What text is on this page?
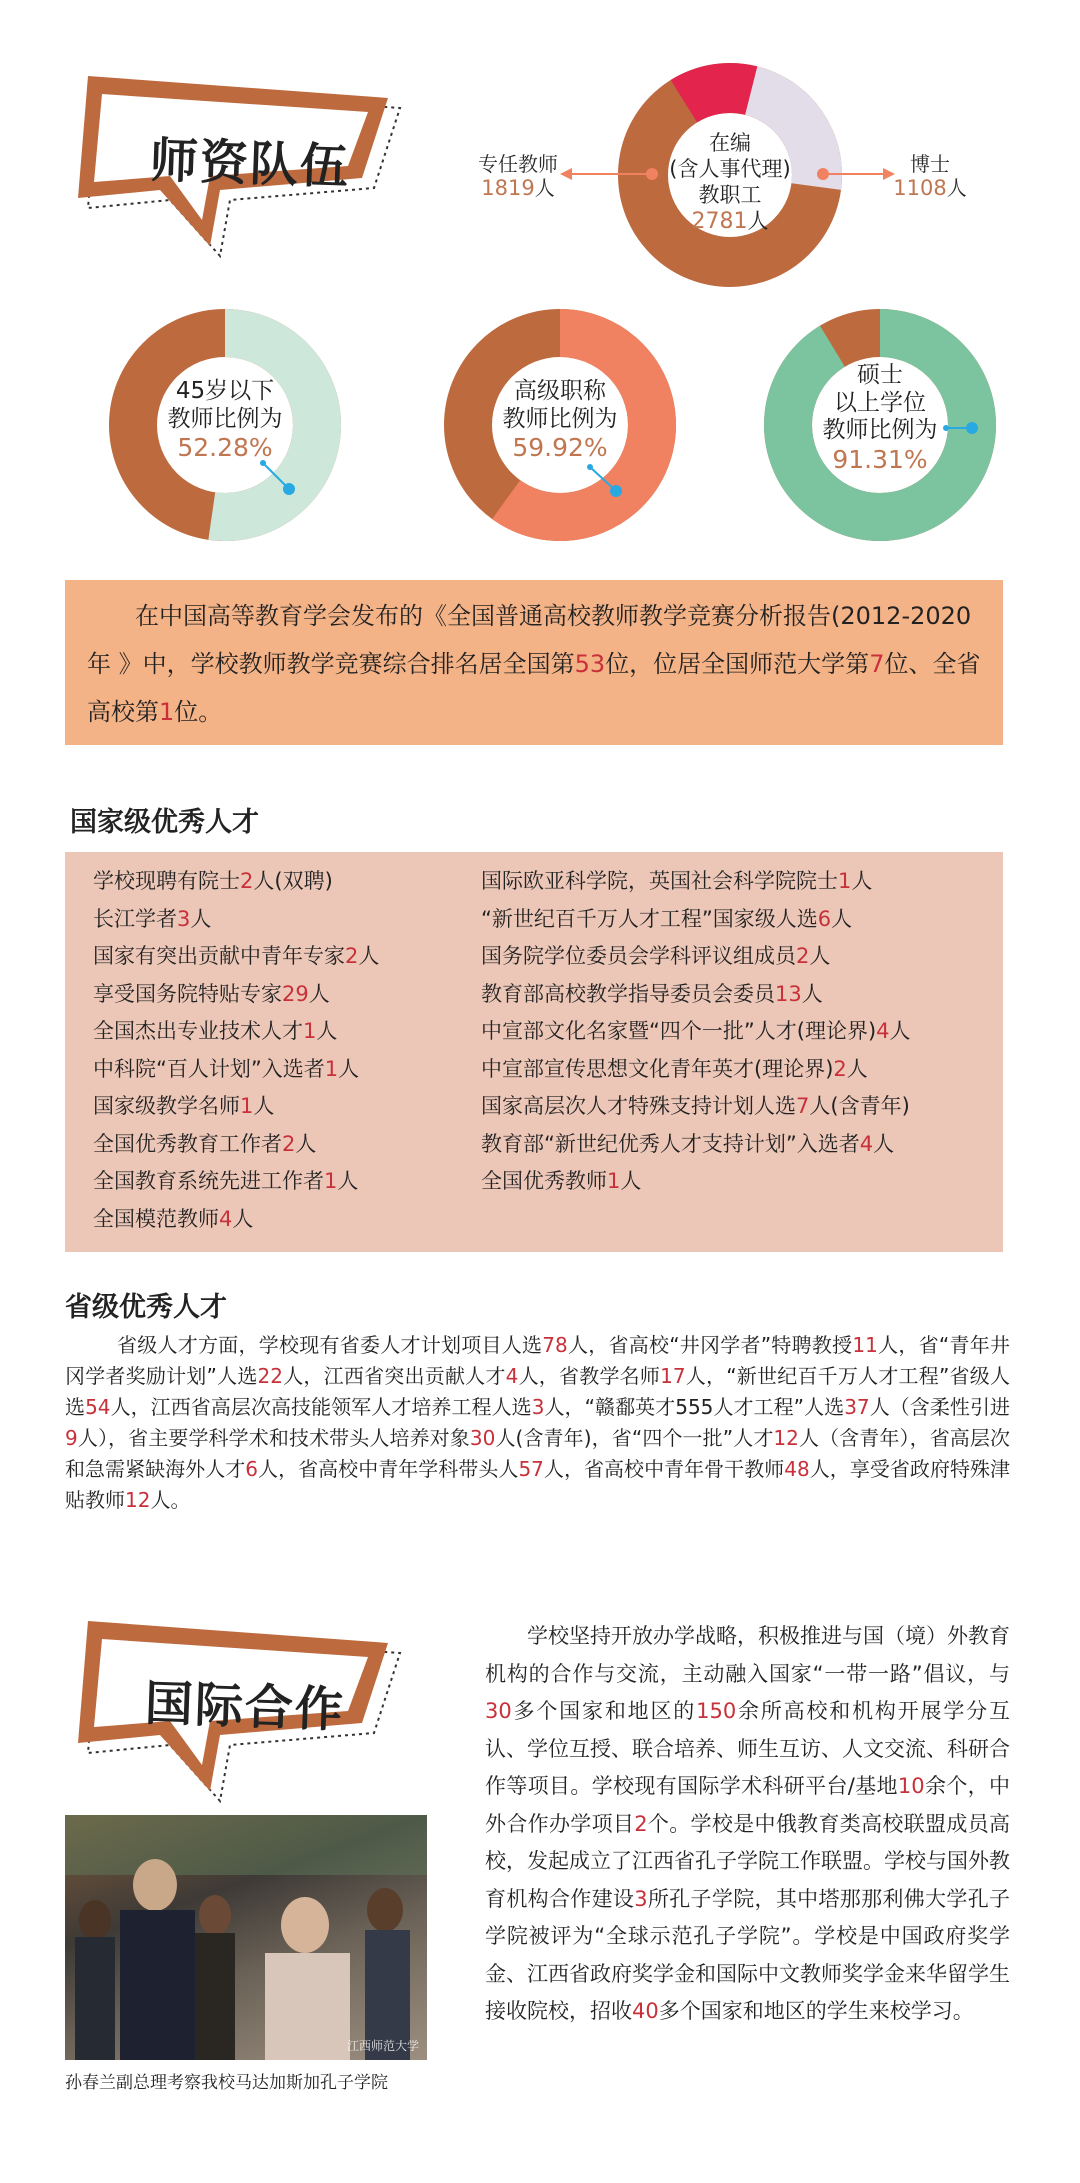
师资队伍	在编
(含人事代理)
教职工
2781人
专任教师
1819人
博士
1108人
45岁以下
教师比例为
52.28%
高级职称
教师比例为
59.92%
硕士
以上学位
教师比例为
91.31%
在中国高等教育学会发布的《全国普通高校教师教学竞赛分析报告(2012-2020年 》中，学校教师教学竞赛综合排名居全国第53位，位居全国师范大学第7位、全省高校第1位。
国家级优秀人才
学校现聘有院士2人(双聘)
长江学者3人
国家有突出贡献中青年专家2人
享受国务院特贴专家29人
全国杰出专业技术人才1人
中科院“百人计划”入选者1人
国家级教学名师1人
全国优秀教育工作者2人
全国教育系统先进工作者1人
全国模范教师4人
国际欧亚科学院，英国社会科学院院士1人
“新世纪百千万人才工程”国家级人选6人
国务院学位委员会学科评议组成员2人
教育部高校教学指导委员会委员13人
中宣部文化名家暨“四个一批”人才(理论界)4人
中宣部宣传思想文化青年英才(理论界)2人
国家高层次人才特殊支持计划人选7人(含青年)
教育部“新世纪优秀人才支持计划”入选者4人
全国优秀教师1人
省级优秀人才
省级人才方面，学校现有省委人才计划项目人选78人，省高校“井冈学者”特聘教授11人，省“青年井冈学者奖励计划”人选22人，江西省突出贡献人才4人，省教学名师17人，“新世纪百千万人才工程”省级人选54人，江西省高层次高技能领军人才培养工程人选3人，“赣鄱英才555人才工程”人选37人（含柔性引进9人），省主要学科学术和技术带头人培养对象30人(含青年)，省“四个一批”人才12人（含青年），省高层次和急需紧缺海外人才6人，省高校中青年学科带头人57人，省高校中青年骨干教师48人，享受省政府特殊津贴教师12人。
国际合作
江西师范大学
孙春兰副总理考察我校马达加斯加孔子学院
学校坚持开放办学战略，积极推进与国（境）外教育机构的合作与交流，主动融入国家“一带一路”倡议，与30多个国家和地区的150余所高校和机构开展学分互认、学位互授、联合培养、师生互访、人文交流、科研合作等项目。学校现有国际学术科研平台/基地10余个，中外合作办学项目2个。学校是中俄教育类高校联盟成员高校，发起成立了江西省孔子学院工作联盟。学校与国外教育机构合作建设3所孔子学院，其中塔那那利佛大学孔子学院被评为“全球示范孔子学院”。学校是中国政府奖学金、江西省政府奖学金和国际中文教师奖学金来华留学生接收院校，招收40多个国家和地区的学生来校学习。
